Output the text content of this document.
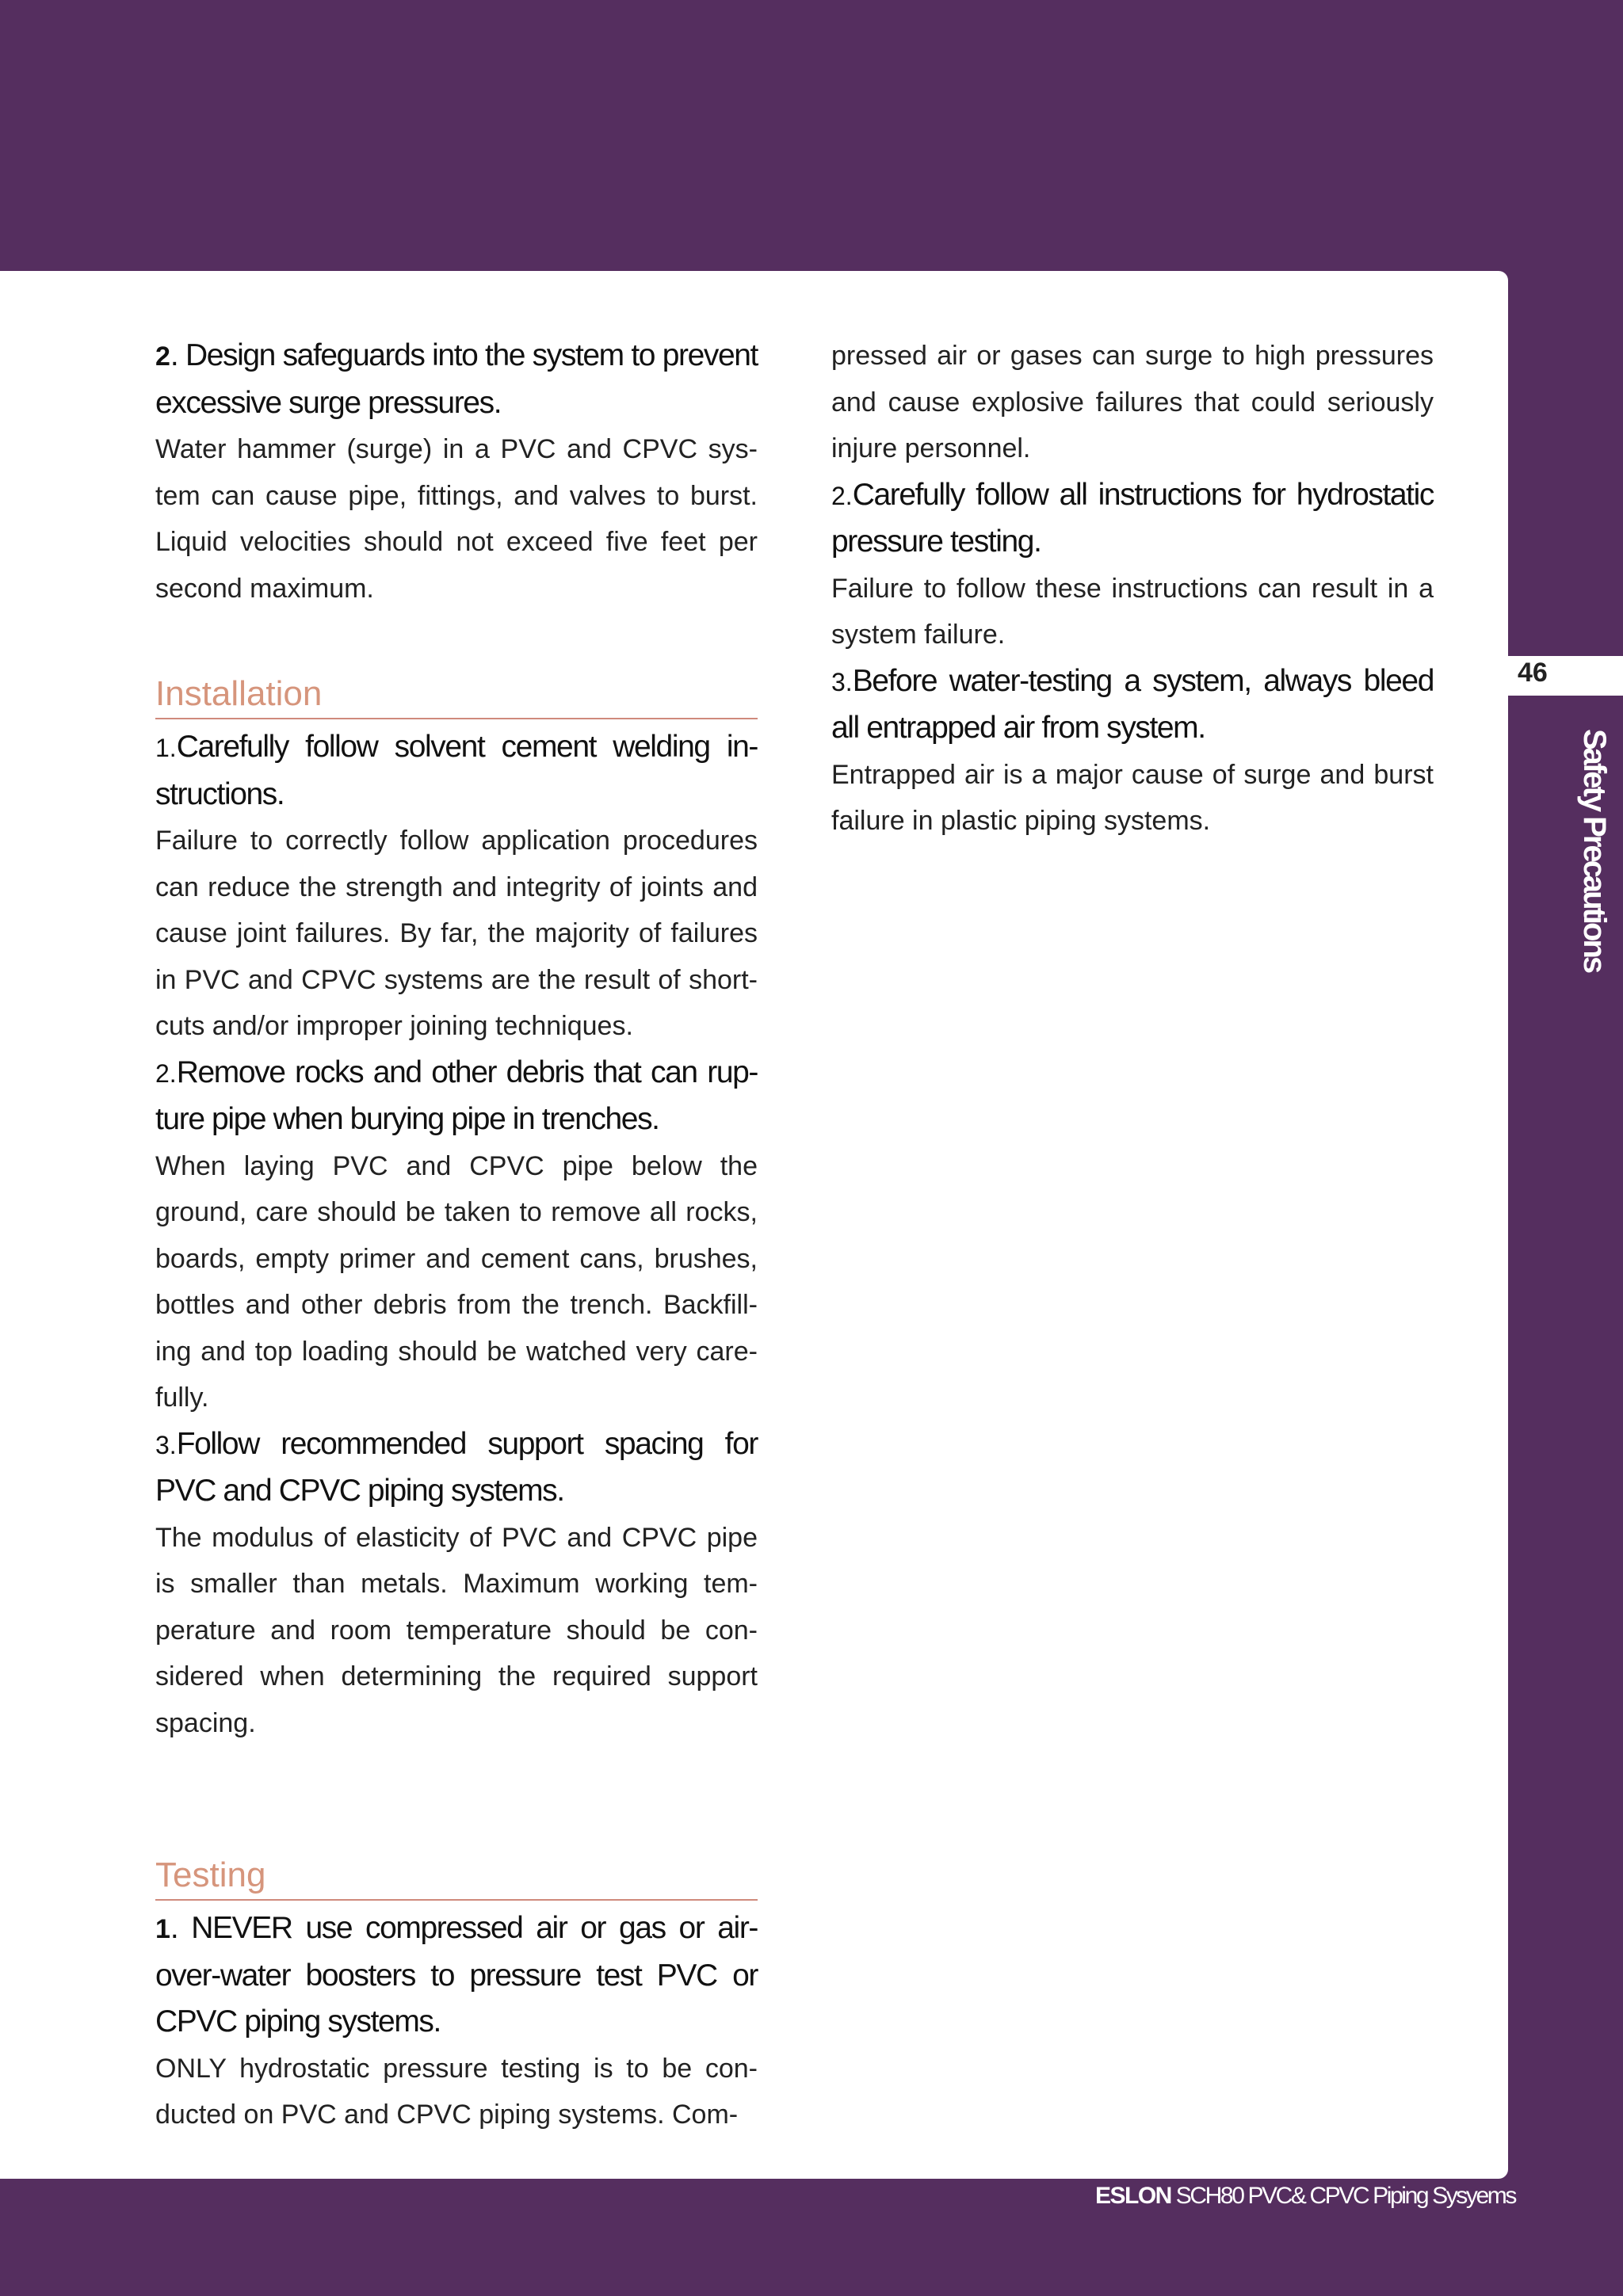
2. Design safeguards into the system to prevent excessive surge pressures.

Water hammer (surge) in a PVC and CPVC sys-tem can cause pipe, fittings, and valves to burst. Liquid velocities should not exceed five feet per second maximum.

Installation

1.Carefully follow solvent cement welding in-structions.

Failure to correctly follow application procedures can reduce the strength and integrity of joints and cause joint failures. By far, the majority of failures in PVC and CPVC systems are the result of short-cuts and/or improper joining techniques.

2.Remove rocks and other debris that can rup-ture pipe when burying pipe in trenches.

When laying PVC and CPVC pipe below the ground, care should be taken to remove all rocks, boards, empty primer and cement cans, brushes, bottles and other debris from the trench. Backfill-ing and top loading should be watched very care-fully.

3.Follow recommended support spacing for PVC and CPVC piping systems.

The modulus of elasticity of PVC and CPVC pipe is smaller than metals. Maximum working tem-perature and room temperature should be con-sidered when determining the required support spacing.

Testing

1. NEVER use compressed air or gas or air-over-water boosters to pressure test PVC or CPVC piping systems.

ONLY hydrostatic pressure testing is to be con-ducted on PVC and CPVC piping systems. Com-

pressed air or gases can surge to high pressures and cause explosive failures that could seriously injure personnel.

2.Carefully follow all instructions for hydrostatic pressure testing.

Failure to follow these instructions can result in a system failure.

3.Before water-testing a system, always bleed all entrapped air from system.

Entrapped air is a major cause of surge and burst failure in plastic piping systems.

46
Safety Precautions
ESLON SCH80 PVC& CPVC Piping Sysyems
